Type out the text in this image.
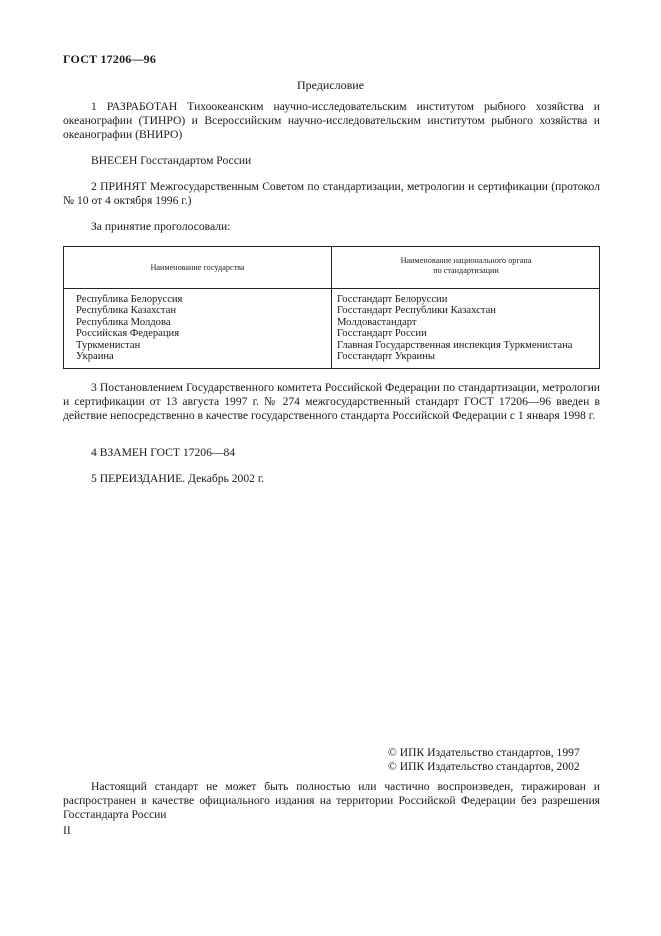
ГОСТ 17206—96
Предисловие
1 РАЗРАБОТАН Тихоокеанским научно-исследовательским институтом рыбного хозяйства и океанографии (ТИНРО) и Всероссийским научно-исследовательским институтом рыбного хозяйства и океанографии (ВНИРО)
ВНЕСЕН Госстандартом России
2 ПРИНЯТ Межгосударственным Советом по стандартизации, метрологии и сертификации (протокол № 10 от 4 октября 1996 г.)
За принятие проголосовали:
Наименование государства
Наименование национального органа
по стандартизации
Республика Белоруссия
Республика Казахстан
Республика Молдова
Российская Федерация
Туркменистан
Украина
Госстандарт Белоруссии
Госстандарт Республики Казахстан
Молдовастандарт
Госстандарт России
Главная Государственная инспекция Туркменистана
Госстандарт Украины
3 Постановлением Государственного комитета Российской Федерации по стандартизации, метрологии и сертификации от 13 августа 1997 г. № 274 межгосударственный стандарт ГОСТ 17206—96 введен в действие непосредственно в качестве государственного стандарта Российской Федерации с 1 января 1998 г.
4 ВЗАМЕН ГОСТ 17206—84
5 ПЕРЕИЗДАНИЕ. Декабрь 2002 г.
© ИПК Издательство стандартов, 1997
© ИПК Издательство стандартов, 2002
Настоящий стандарт не может быть полностью или частично воспроизведен, тиражирован и распространен в качестве официального издания на территории Российской Федерации без разрешения Госстандарта России
II
